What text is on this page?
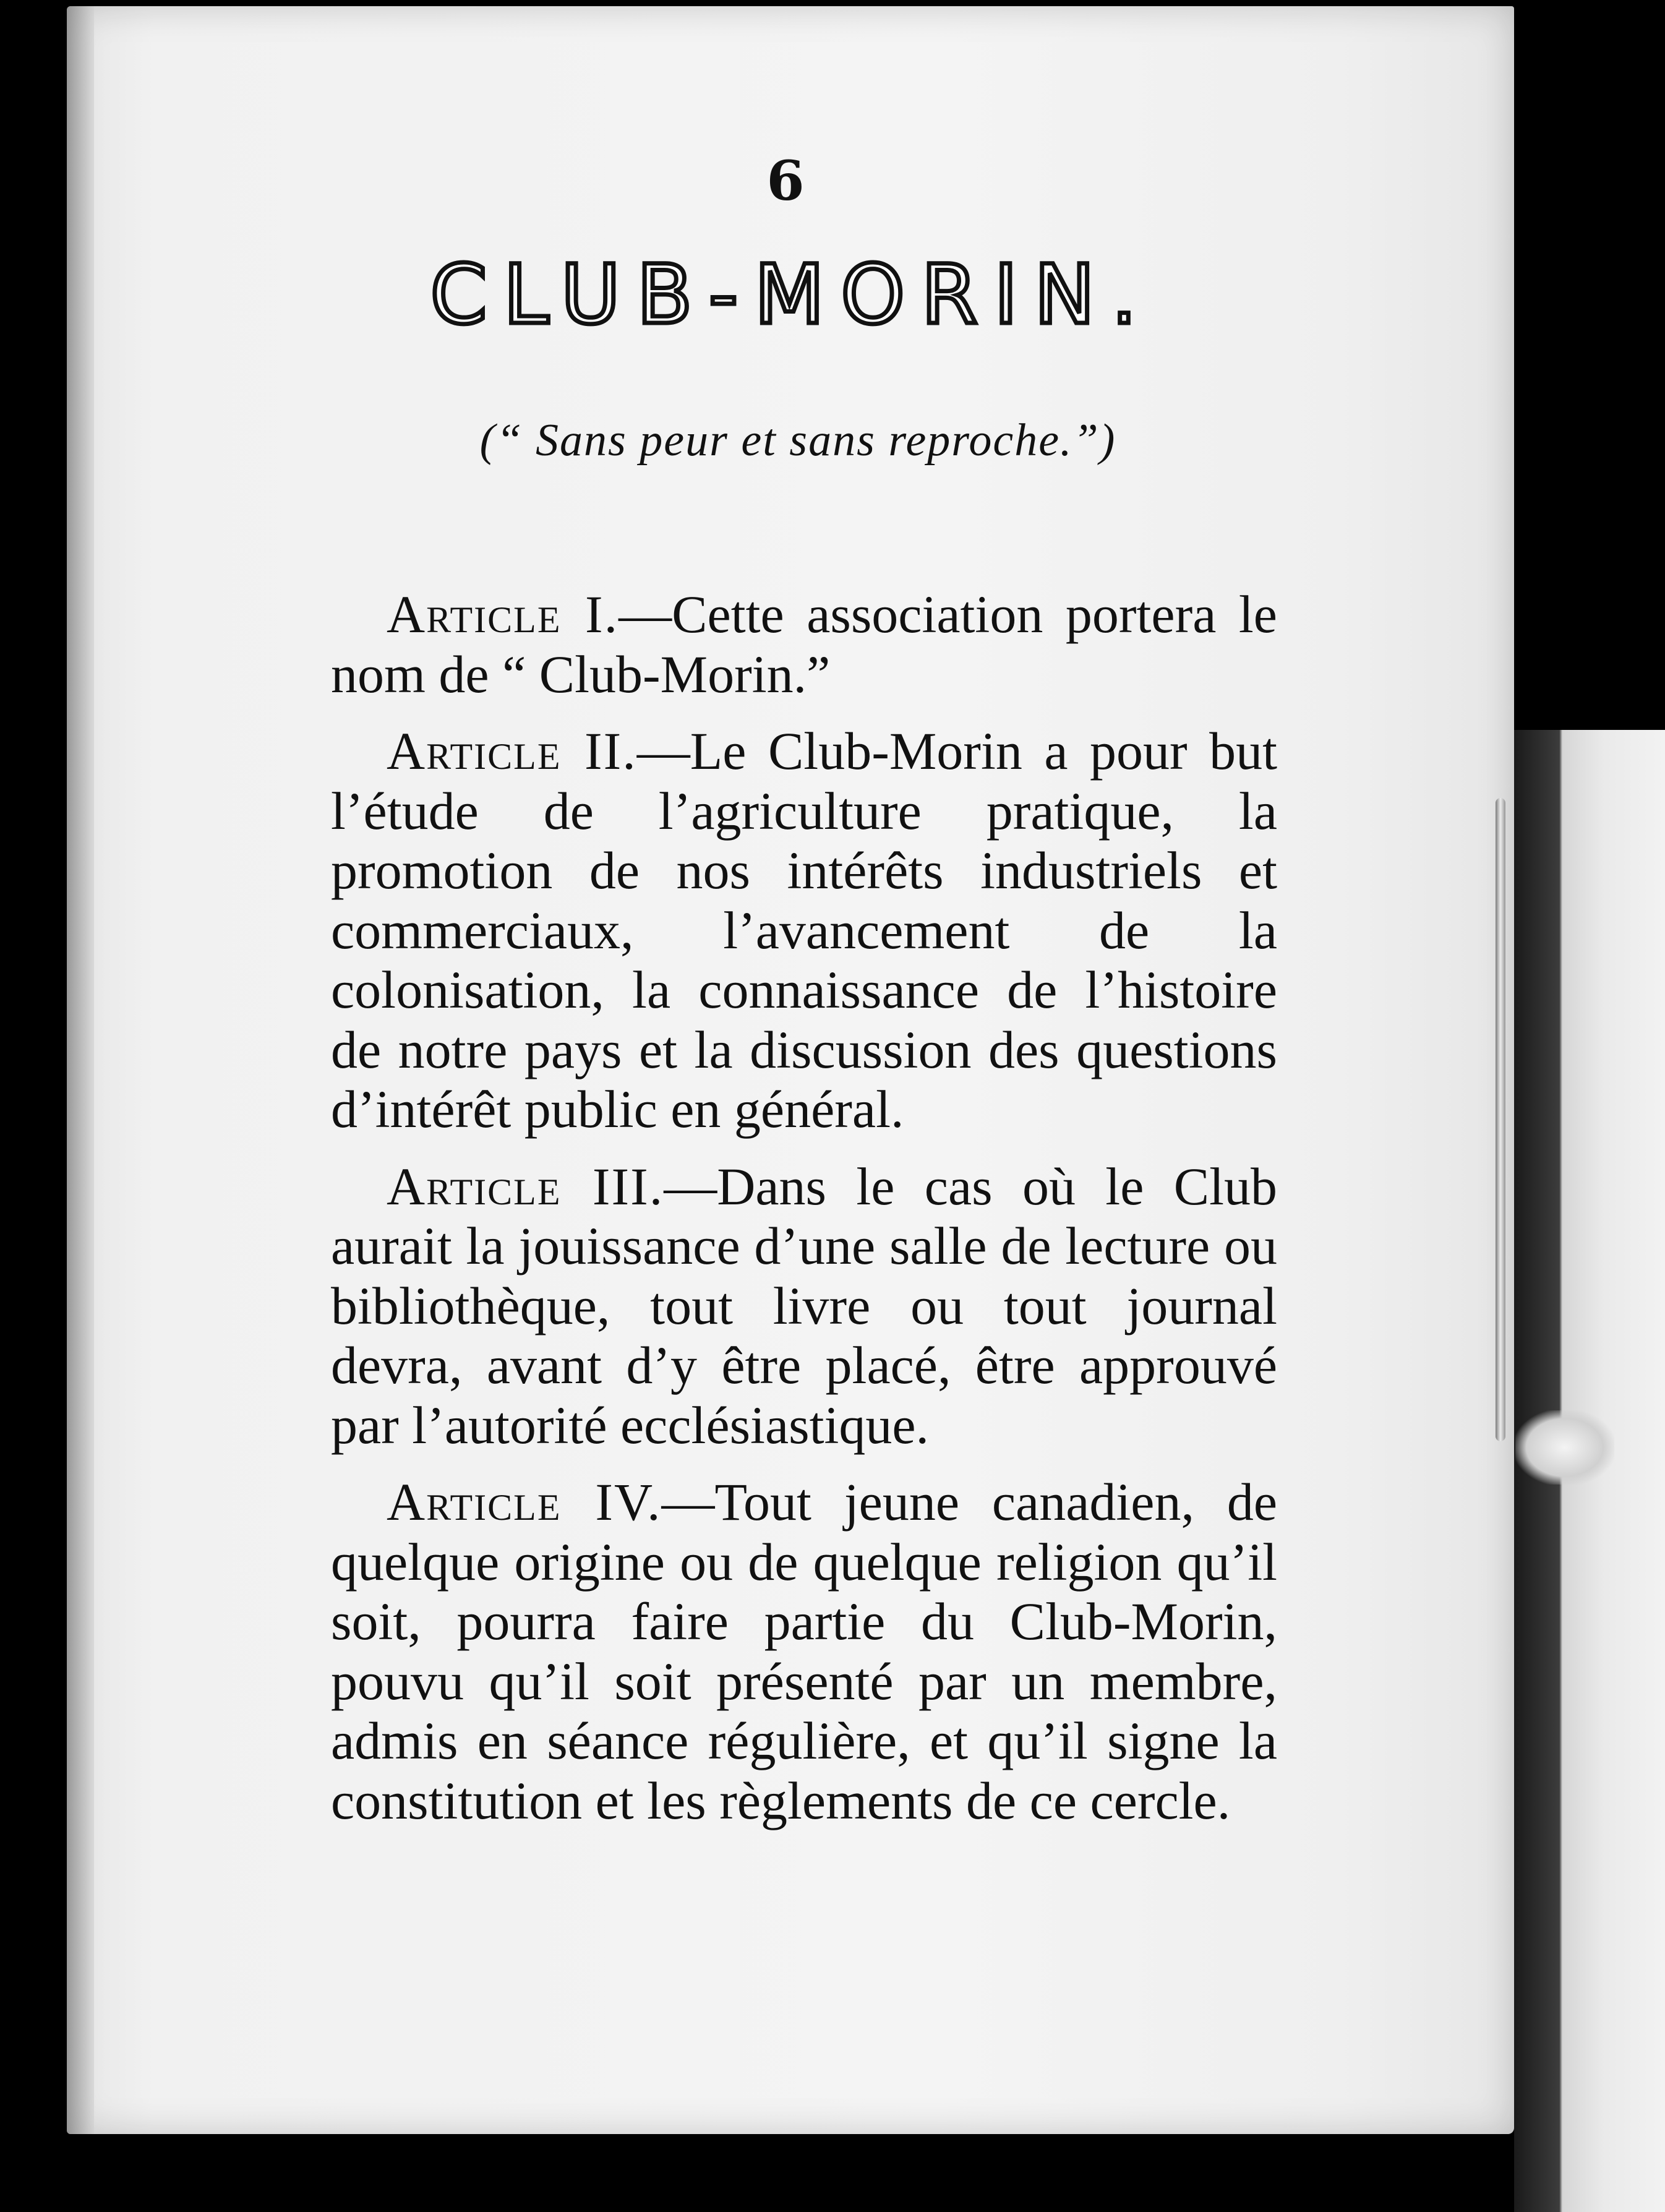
6
CLUB-MORIN.
(“ Sans peur et sans reproche.”)

Article I.—Cette association portera le nom de “ Club-Morin.”

Article II.—Le Club-Morin a pour but l’étude de l’agriculture pratique, la promotion de nos intérêts industriels et commerciaux, l’avancement de la colonisation, la connaissance de l’histoire de notre pays et la discussion des questions d’intérêt public en général.

Article III.—Dans le cas où le Club aurait la jouissance d’une salle de lecture ou bibliothèque, tout livre ou tout journal devra, avant d’y être placé, être approuvé par l’autorité ecclésiastique.

Article IV.—Tout jeune canadien, de quelque origine ou de quelque religion qu’il soit, pourra faire partie du Club-Morin, pouvu qu’il soit présenté par un membre, admis en séance régulière, et qu’il signe la constitution et les règlements de ce cercle.
